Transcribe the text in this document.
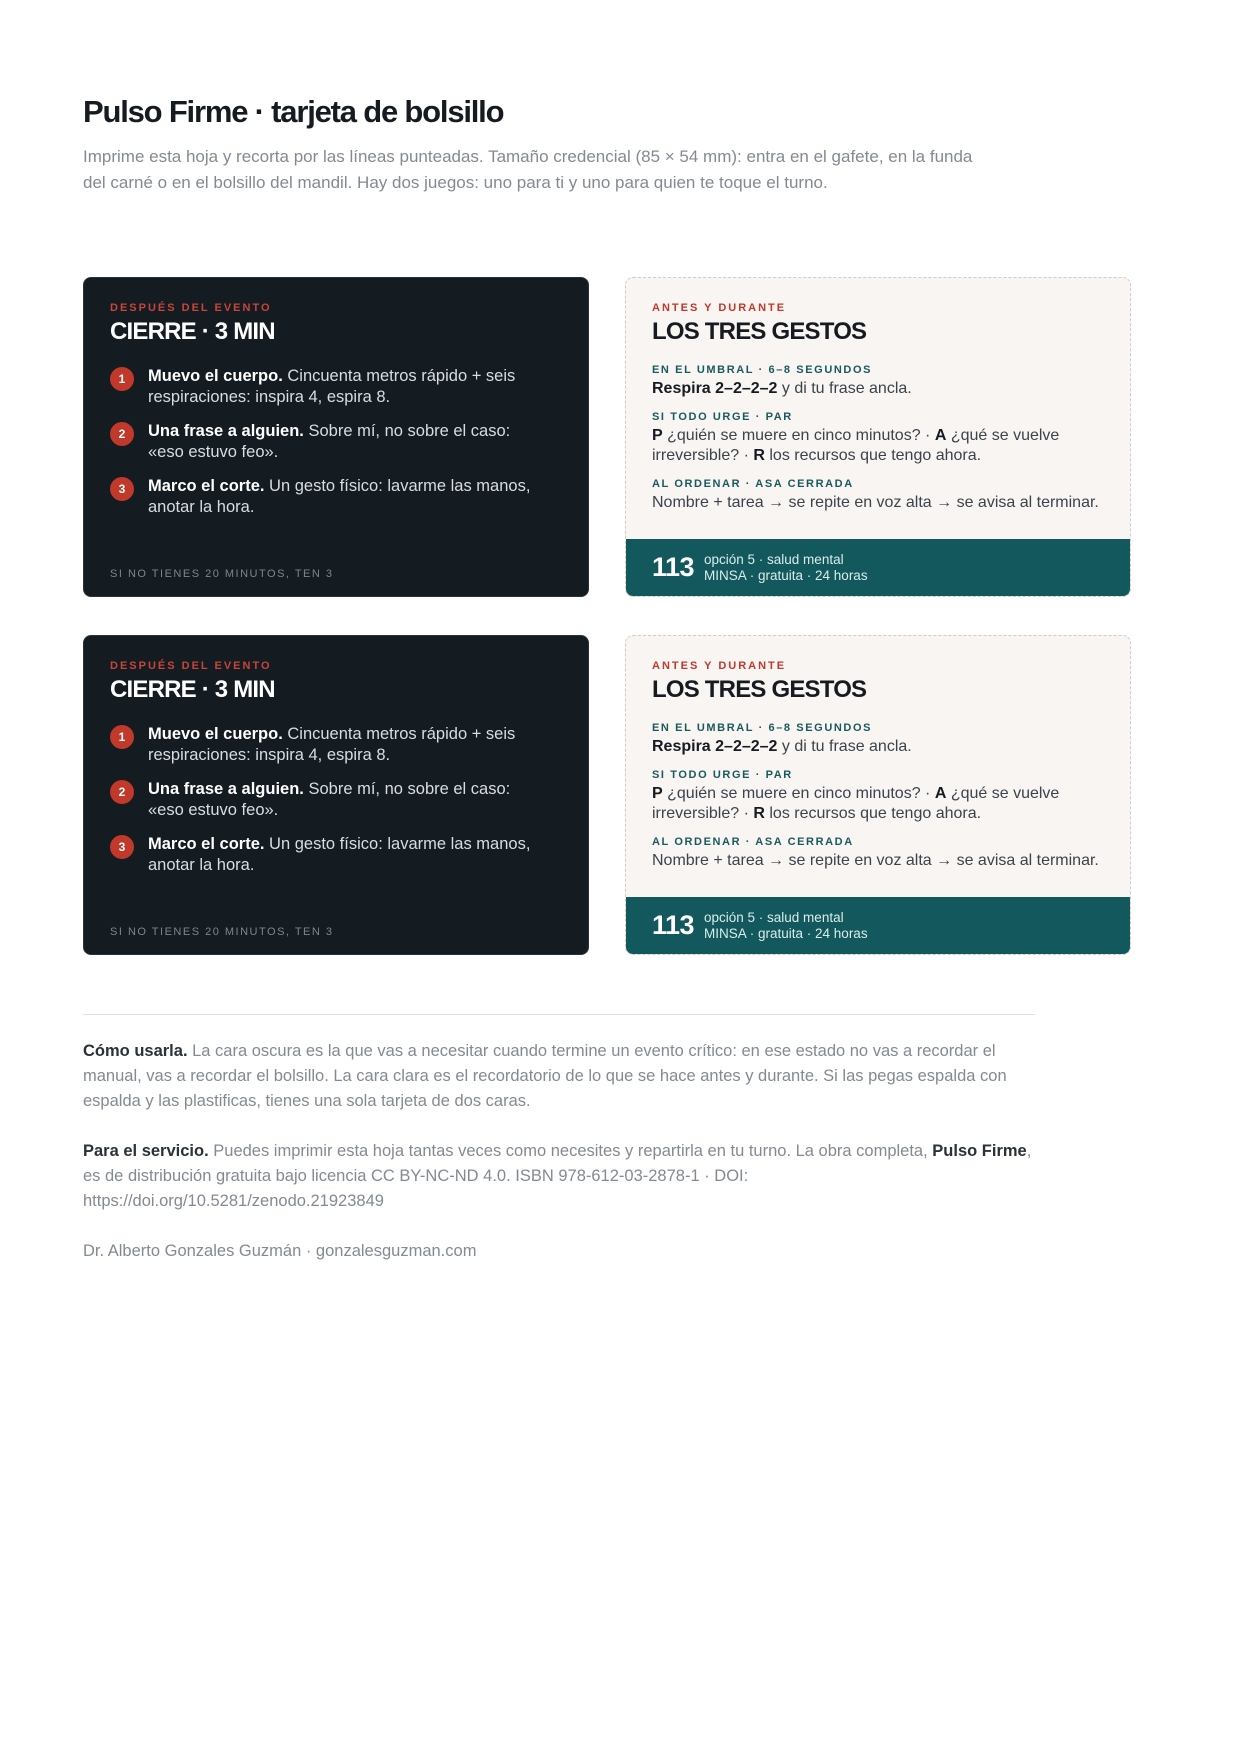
Pulso Firme · tarjeta de bolsillo

Imprime esta hoja y recorta por las líneas punteadas. Tamaño credencial (85 × 54 mm): entra en el gafete, en la funda del carné o en el bolsillo del mandil. Hay dos juegos: uno para ti y uno para quien te toque el turno.

DESPUÉS DEL EVENTO
CIERRE · 3 MIN
1	Muevo el cuerpo. Cincuenta metros rápido + seis respiraciones: inspira 4, espira 8.
2	Una frase a alguien. Sobre mí, no sobre el caso: «eso estuvo feo».
3	Marco el corte. Un gesto físico: lavarme las manos, anotar la hora.
SI NO TIENES 20 MINUTOS, TEN 3
ANTES Y DURANTE
LOS TRES GESTOS
EN EL UMBRAL · 6–8 SEGUNDOS
Respira 2–2–2–2 y di tu frase ancla.
SI TODO URGE · PAR
P ¿quién se muere en cinco minutos? · A ¿qué se vuelve irreversible? · R los recursos que tengo ahora.
AL ORDENAR · ASA CERRADA
Nombre + tarea → se repite en voz alta → se avisa al terminar.
113 opción 5 · salud mental
MINSA · gratuita · 24 horas
DESPUÉS DEL EVENTO
CIERRE · 3 MIN
1	Muevo el cuerpo. Cincuenta metros rápido + seis respiraciones: inspira 4, espira 8.
2	Una frase a alguien. Sobre mí, no sobre el caso: «eso estuvo feo».
3	Marco el corte. Un gesto físico: lavarme las manos, anotar la hora.
SI NO TIENES 20 MINUTOS, TEN 3
ANTES Y DURANTE
LOS TRES GESTOS
EN EL UMBRAL · 6–8 SEGUNDOS
Respira 2–2–2–2 y di tu frase ancla.
SI TODO URGE · PAR
P ¿quién se muere en cinco minutos? · A ¿qué se vuelve irreversible? · R los recursos que tengo ahora.
AL ORDENAR · ASA CERRADA
Nombre + tarea → se repite en voz alta → se avisa al terminar.
113 opción 5 · salud mental
MINSA · gratuita · 24 horas

Cómo usarla. La cara oscura es la que vas a necesitar cuando termine un evento crítico: en ese estado no vas a recordar el manual, vas a recordar el bolsillo. La cara clara es el recordatorio de lo que se hace antes y durante. Si las pegas espalda con espalda y las plastificas, tienes una sola tarjeta de dos caras.

Para el servicio. Puedes imprimir esta hoja tantas veces como necesites y repartirla en tu turno. La obra completa, Pulso Firme, es de distribución gratuita bajo licencia CC BY-NC-ND 4.0. ISBN 978-612-03-2878-1 · DOI: https://doi.org/10.5281/zenodo.21923849

Dr. Alberto Gonzales Guzmán · gonzalesguzman.com
